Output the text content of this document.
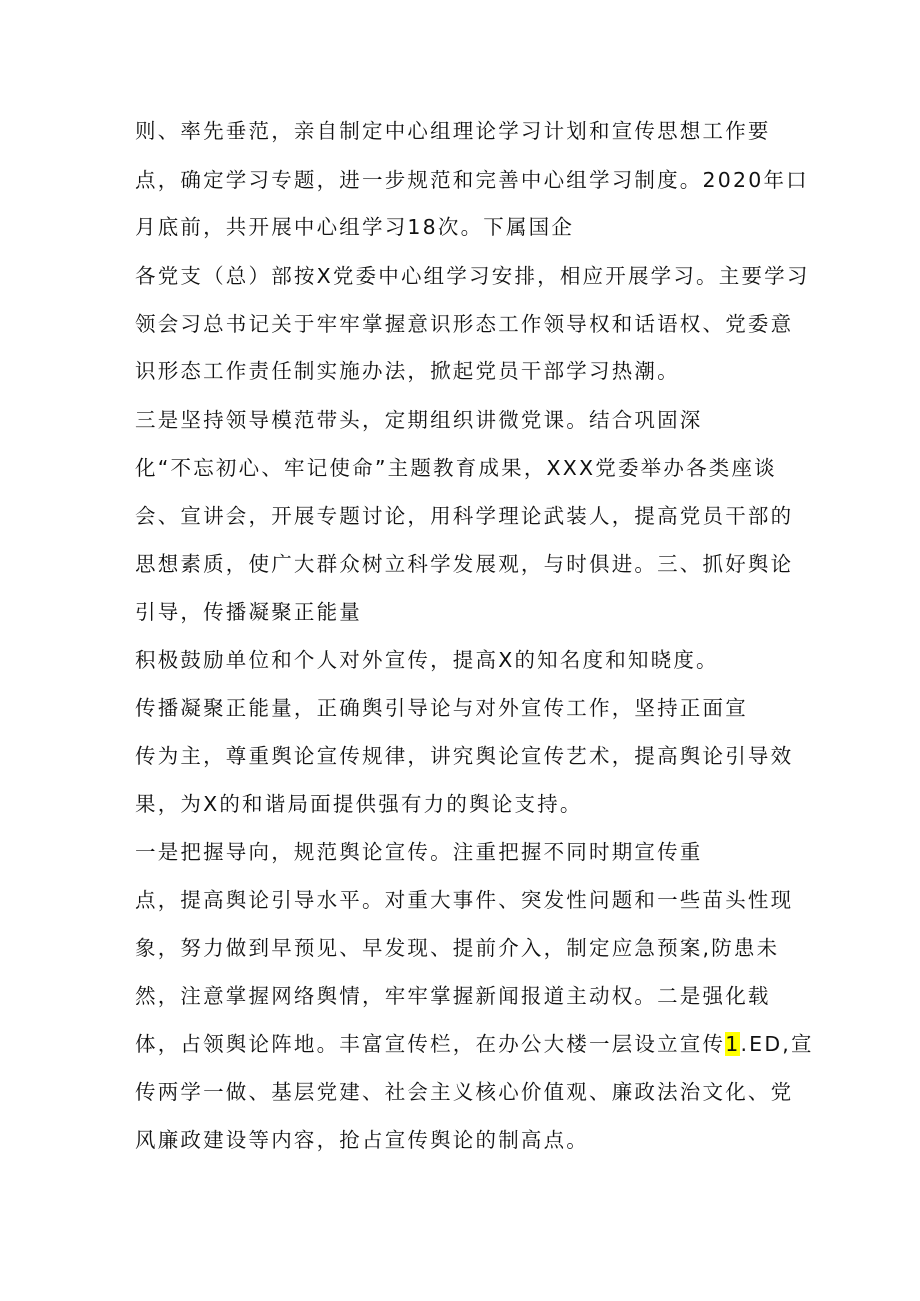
则、率先垂范，亲自制定中心组理论学习计划和宣传思想工作要
点，确定学习专题，进一步规范和完善中心组学习制度。2020年口
月底前，共开展中心组学习18次。下属国企
各党支（总）部按X党委中心组学习安排，相应开展学习。主要学习
领会习总书记关于牢牢掌握意识形态工作领导权和话语权、党委意
识形态工作责任制实施办法，掀起党员干部学习热潮。
三是坚持领导模范带头，定期组织讲微党课。结合巩固深
化“不忘初心、牢记使命”主题教育成果，XXX党委举办各类座谈
会、宣讲会，开展专题讨论，用科学理论武装人，提高党员干部的
思想素质，使广大群众树立科学发展观，与时俱进。三、抓好舆论
引导，传播凝聚正能量
积极鼓励单位和个人对外宣传，提高X的知名度和知晓度。
传播凝聚正能量，正确舆引导论与对外宣传工作，坚持正面宣
传为主，尊重舆论宣传规律，讲究舆论宣传艺术，提高舆论引导效
果，为X的和谐局面提供强有力的舆论支持。
一是把握导向，规范舆论宣传。注重把握不同时期宣传重
点，提高舆论引导水平。对重大事件、突发性问题和一些苗头性现
象，努力做到早预见、早发现、提前介入，制定应急预案,防患未
然，注意掌握网络舆情，牢牢掌握新闻报道主动权。二是强化载
体，占领舆论阵地。丰富宣传栏，在办公大楼一层设立宣传1.ED,宣
传两学一做、基层党建、社会主义核心价值观、廉政法治文化、党
风廉政建设等内容，抢占宣传舆论的制高点。
